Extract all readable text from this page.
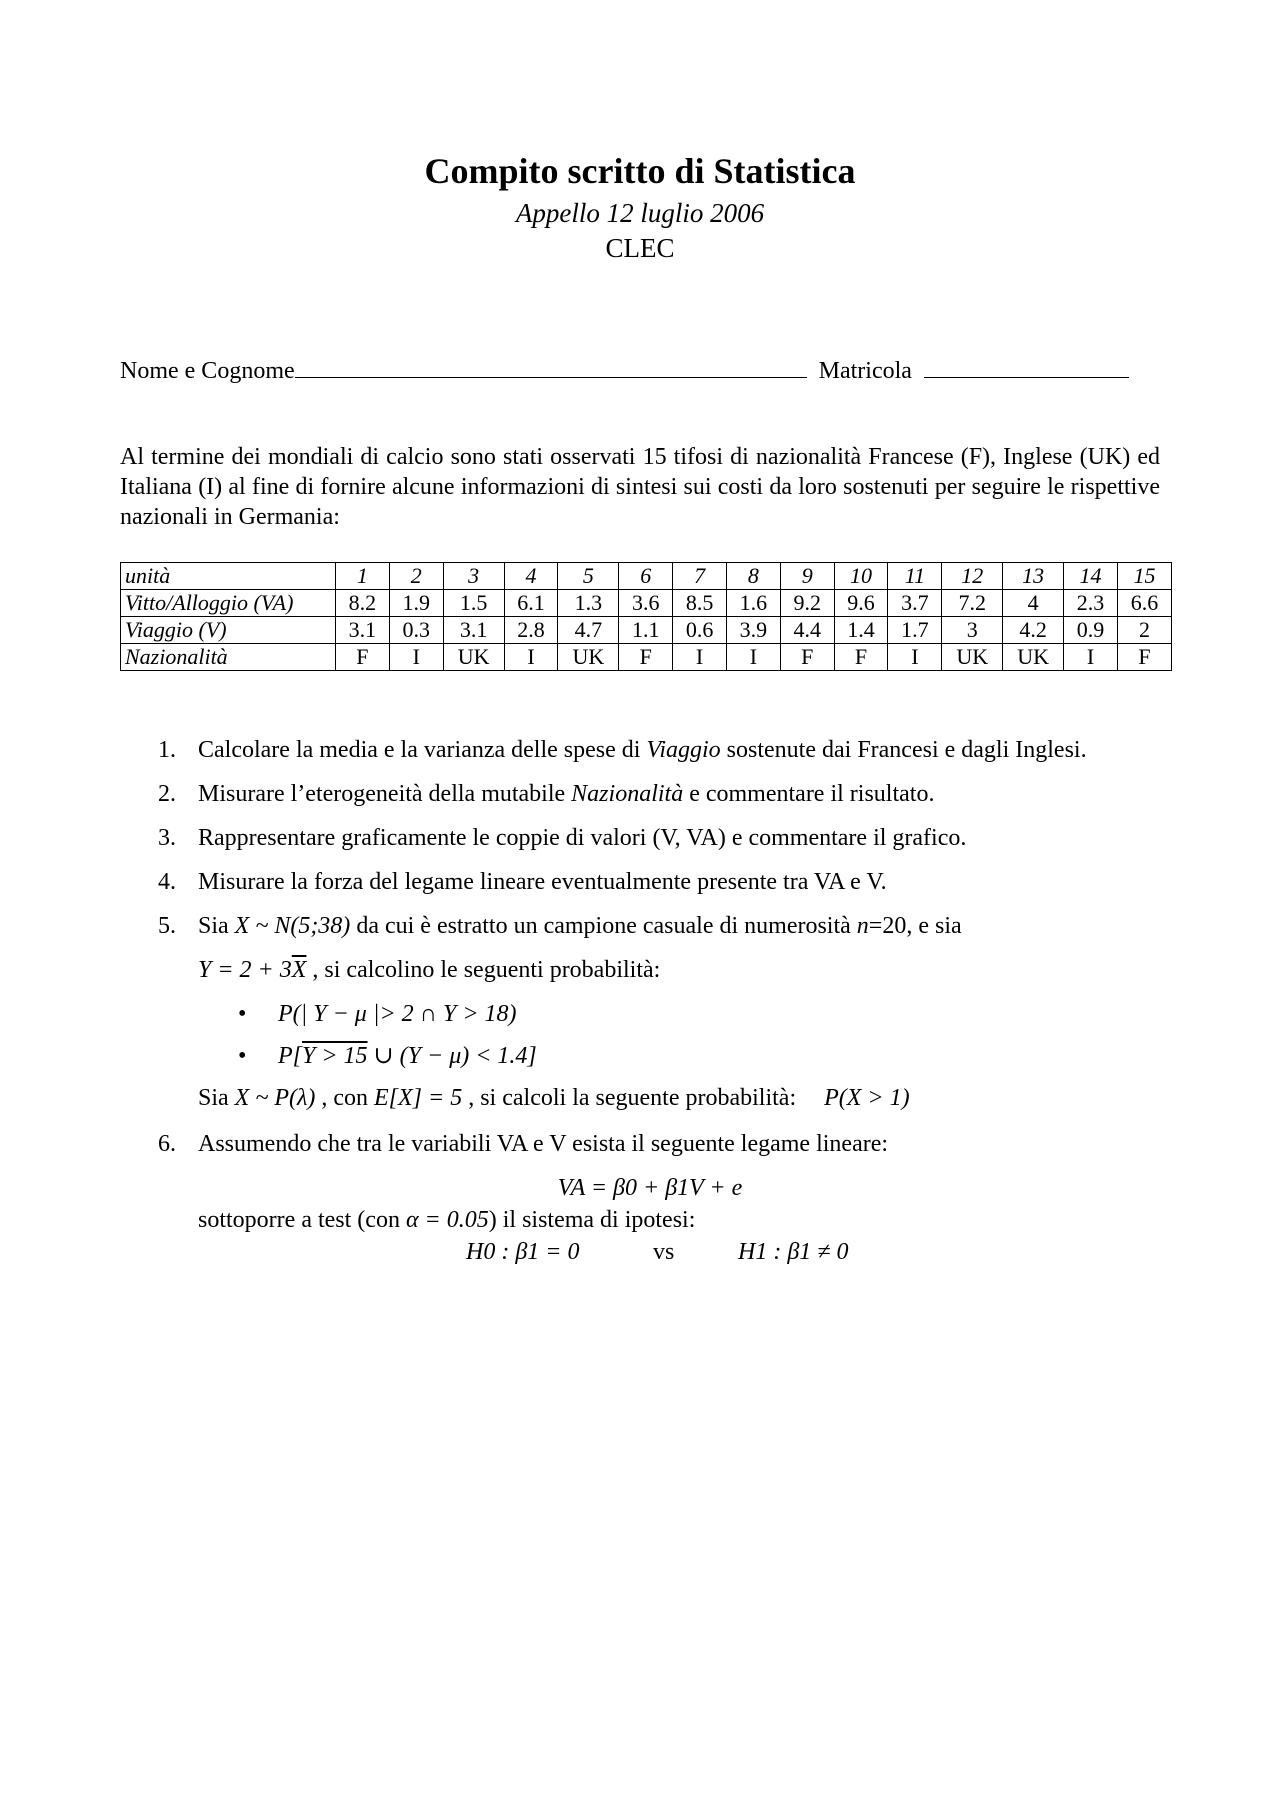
Compito scritto di Statistica
Appello 12 luglio 2006
CLEC
Nome e Cognome	Matricola
Al termine dei mondiali di calcio sono stati osservati 15 tifosi di nazionalità Francese (F), Inglese (UK) ed Italiana (I) al fine di fornire alcune informazioni di sintesi sui costi da loro sostenuti per seguire le rispettive nazionali in Germania:
unità	1	2	3	4	5	6	7	8	9	10	11	12	13	14	15
Vitto/Alloggio (VA)	8.2	1.9	1.5	6.1	1.3	3.6	8.5	1.6	9.2	9.6	3.7	7.2	4	2.3	6.6
Viaggio (V)	3.1	0.3	3.1	2.8	4.7	1.1	0.6	3.9	4.4	1.4	1.7	3	4.2	0.9	2
Nazionalità	F	I	UK	I	UK	F	I	I	F	F	I	UK	UK	I	F
1. Calcolare la media e la varianza delle spese di Viaggio sostenute dai Francesi e dagli Inglesi.
2. Misurare l’eterogeneità della mutabile Nazionalità e commentare il risultato.
3. Rappresentare graficamente le coppie di valori (V, VA) e commentare il grafico.
4. Misurare la forza del legame lineare eventualmente presente tra VA e V.
5. Sia X ~ N(5;38) da cui è estratto un campione casuale di numerosità n=20, e sia
$Y = 2 + 3\overline{X}$ , si calcolino le seguenti probabilità:
• P(| Y − μ |> 2 ∩ Y > 18)
• P[Y > 15 ∪ (Y − μ) < 1.4]
Sia X ~ P(λ) , con E[X] = 5 , si calcoli la seguente probabilità: P(X > 1)
6. Assumendo che tra le variabili VA e V esista il seguente legame lineare:
VA = β0 + β1V + e
sottoporre a test (con α = 0.05) il sistema di ipotesi:
H0 : β1 = 0	vs	H1 : β1 ≠ 0
